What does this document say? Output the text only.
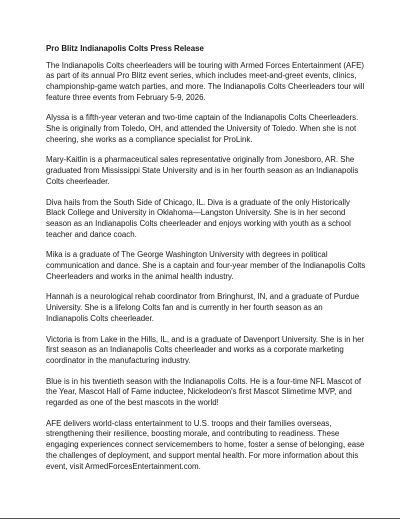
Pro Blitz Indianapolis Colts Press Release

The Indianapolis Colts cheerleaders will be touring with Armed Forces Entertainment (AFE) as part of its annual Pro Blitz event series, which includes meet-and-greet events, clinics, championship-game watch parties, and more. The Indianapolis Colts Cheerleaders tour will feature three events from February 5-9, 2026.

Alyssa is a fifth-year veteran and two-time captain of the Indianapolis Colts Cheerleaders. She is originally from Toledo, OH, and attended the University of Toledo. When she is not cheering, she works as a compliance specialist for ProLink.

Mary-Kaitlin is a pharmaceutical sales representative originally from Jonesboro, AR. She graduated from Mississippi State University and is in her fourth season as an Indianapolis Colts cheerleader.

Diva hails from the South Side of Chicago, IL. Diva is a graduate of the only Historically Black College and University in Oklahoma—Langston University. She is in her second season as an Indianapolis Colts cheerleader and enjoys working with youth as a school teacher and dance coach.

Mika is a graduate of The George Washington University with degrees in political communication and dance. She is a captain and four-year member of the Indianapolis Colts Cheerleaders and works in the animal health industry.

Hannah is a neurological rehab coordinator from Bringhurst, IN, and a graduate of Purdue University. She is a lifelong Colts fan and is currently in her fourth season as an Indianapolis Colts cheerleader.

Victoria is from Lake in the Hills, IL, and is a graduate of Davenport University. She is in her first season as an Indianapolis Colts cheerleader and works as a corporate marketing coordinator in the manufacturing industry.

Blue is in his twentieth season with the Indianapolis Colts. He is a four-time NFL Mascot of the Year, Mascot Hall of Fame inductee, Nickelodeon's first Mascot Slimetime MVP, and regarded as one of the best mascots in the world!

AFE delivers world-class entertainment to U.S. troops and their families overseas, strengthening their resilience, boosting morale, and contributing to readiness. These engaging experiences connect servicemembers to home, foster a sense of belonging, ease the challenges of deployment, and support mental health. For more information about this event, visit ArmedForcesEntertainment.com.
